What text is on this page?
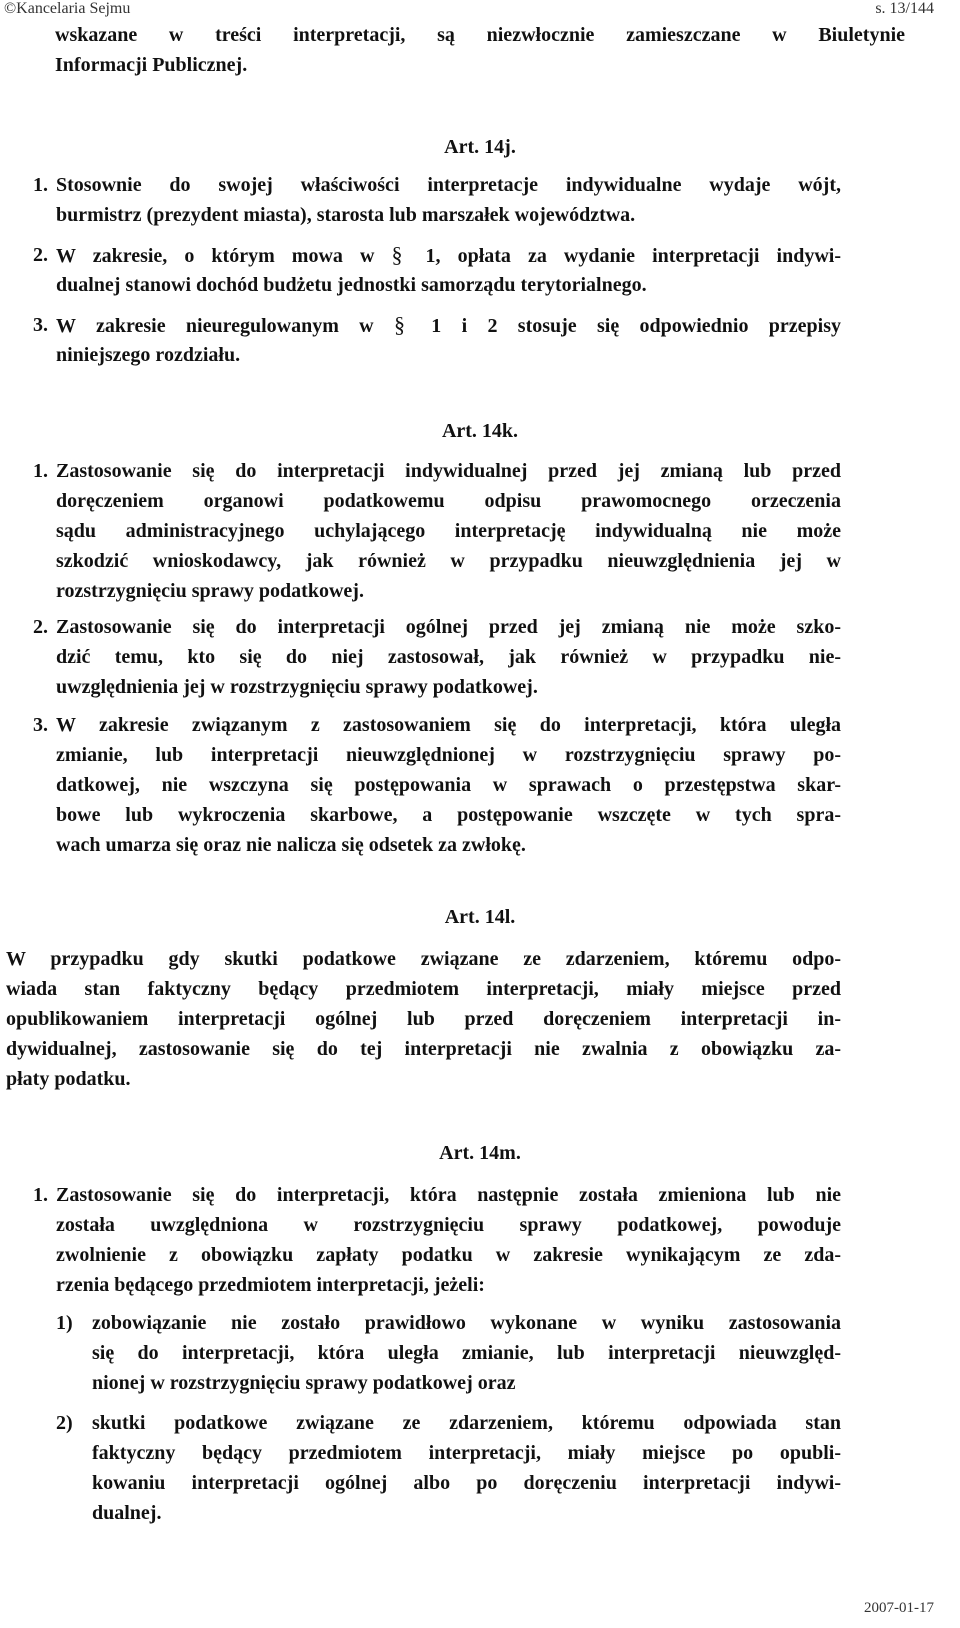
©Kancelaria Sejmu	s. 13/144
wskazane w treści interpretacji, są niezwłocznie zamieszczane w Biuletynie
Informacji Publicznej.
Art. 14j.
1. Stosownie do swojej właściwości interpretacje indywidualne wydaje wójt,
burmistrz (prezydent miasta), starosta lub marszałek województwa.
2. W zakresie, o którym mowa w § 1, opłata za wydanie interpretacji indywi-
dualnej stanowi dochód budżetu jednostki samorządu terytorialnego.
3. W zakresie nieuregulowanym w § 1 i 2 stosuje się odpowiednio przepisy
niniejszego rozdziału.
Art. 14k.
1. Zastosowanie się do interpretacji indywidualnej przed jej zmianą lub przed
doręczeniem organowi podatkowemu odpisu prawomocnego orzeczenia
sądu administracyjnego uchylającego interpretację indywidualną nie może
szkodzić wnioskodawcy, jak również w przypadku nieuwzględnienia jej w
rozstrzygnięciu sprawy podatkowej.
2. Zastosowanie się do interpretacji ogólnej przed jej zmianą nie może szko-
dzić temu, kto się do niej zastosował, jak również w przypadku nie-
uwzględnienia jej w rozstrzygnięciu sprawy podatkowej.
3. W zakresie związanym z zastosowaniem się do interpretacji, która uległa
zmianie, lub interpretacji nieuwzględnionej w rozstrzygnięciu sprawy po-
datkowej, nie wszczyna się postępowania w sprawach o przestępstwa skar-
bowe lub wykroczenia skarbowe, a postępowanie wszczęte w tych spra-
wach umarza się oraz nie nalicza się odsetek za zwłokę.
Art. 14l.
W przypadku gdy skutki podatkowe związane ze zdarzeniem, któremu odpo-
wiada stan faktyczny będący przedmiotem interpretacji, miały miejsce przed
opublikowaniem interpretacji ogólnej lub przed doręczeniem interpretacji in-
dywidualnej, zastosowanie się do tej interpretacji nie zwalnia z obowiązku za-
płaty podatku.
Art. 14m.
1. Zastosowanie się do interpretacji, która następnie została zmieniona lub nie
została uwzględniona w rozstrzygnięciu sprawy podatkowej, powoduje
zwolnienie z obowiązku zapłaty podatku w zakresie wynikającym ze zda-
rzenia będącego przedmiotem interpretacji, jeżeli:
1) zobowiązanie nie zostało prawidłowo wykonane w wyniku zastosowania
się do interpretacji, która uległa zmianie, lub interpretacji nieuwzględ-
nionej w rozstrzygnięciu sprawy podatkowej oraz
2) skutki podatkowe związane ze zdarzeniem, któremu odpowiada stan
faktyczny będący przedmiotem interpretacji, miały miejsce po opubli-
kowaniu interpretacji ogólnej albo po doręczeniu interpretacji indywi-
dualnej.
2007-01-17
